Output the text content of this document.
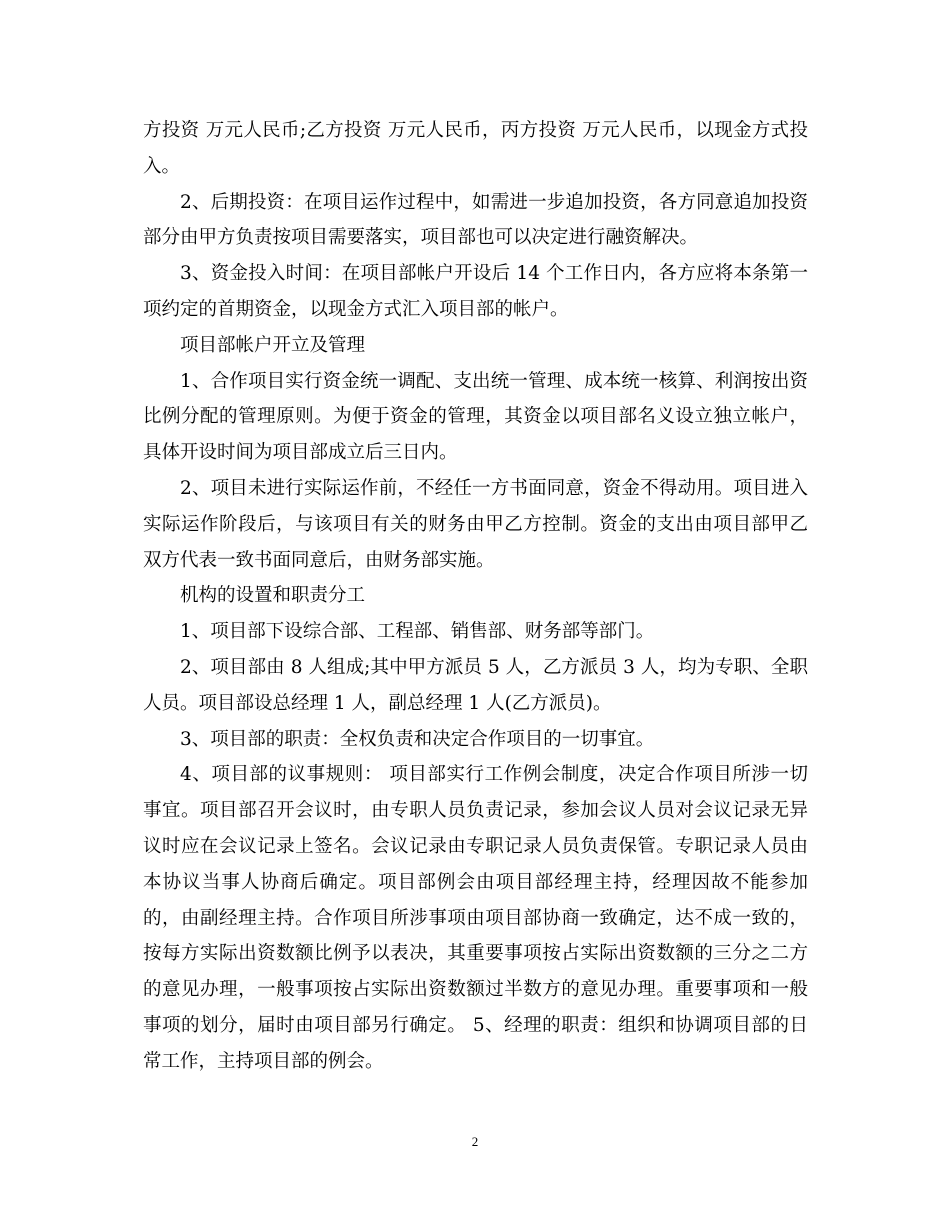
方投资 万元人民币;乙方投资 万元人民币，丙方投资 万元人民币，以现金方式投入。

2、后期投资：在项目运作过程中，如需进一步追加投资，各方同意追加投资部分由甲方负责按项目需要落实，项目部也可以决定进行融资解决。

3、资金投入时间：在项目部帐户开设后 14 个工作日内，各方应将本条第一项约定的首期资金，以现金方式汇入项目部的帐户。

项目部帐户开立及管理

1、合作项目实行资金统一调配、支出统一管理、成本统一核算、利润按出资比例分配的管理原则。为便于资金的管理，其资金以项目部名义设立独立帐户，具体开设时间为项目部成立后三日内。

2、项目未进行实际运作前，不经任一方书面同意，资金不得动用。项目进入实际运作阶段后，与该项目有关的财务由甲乙方控制。资金的支出由项目部甲乙双方代表一致书面同意后，由财务部实施。

机构的设置和职责分工

1、项目部下设综合部、工程部、销售部、财务部等部门。

2、项目部由 8 人组成;其中甲方派员 5 人，乙方派员 3 人，均为专职、全职人员。项目部设总经理 1 人，副总经理 1 人(乙方派员)。

3、项目部的职责：全权负责和决定合作项目的一切事宜。

4、项目部的议事规则： 项目部实行工作例会制度，决定合作项目所涉一切事宜。项目部召开会议时，由专职人员负责记录，参加会议人员对会议记录无异议时应在会议记录上签名。会议记录由专职记录人员负责保管。专职记录人员由本协议当事人协商后确定。项目部例会由项目部经理主持，经理因故不能参加的，由副经理主持。合作项目所涉事项由项目部协商一致确定，达不成一致的，按每方实际出资数额比例予以表决，其重要事项按占实际出资数额的三分之二方的意见办理，一般事项按占实际出资数额过半数方的意见办理。重要事项和一般事项的划分，届时由项目部另行确定。 5、经理的职责：组织和协调项目部的日常工作，主持项目部的例会。

2
